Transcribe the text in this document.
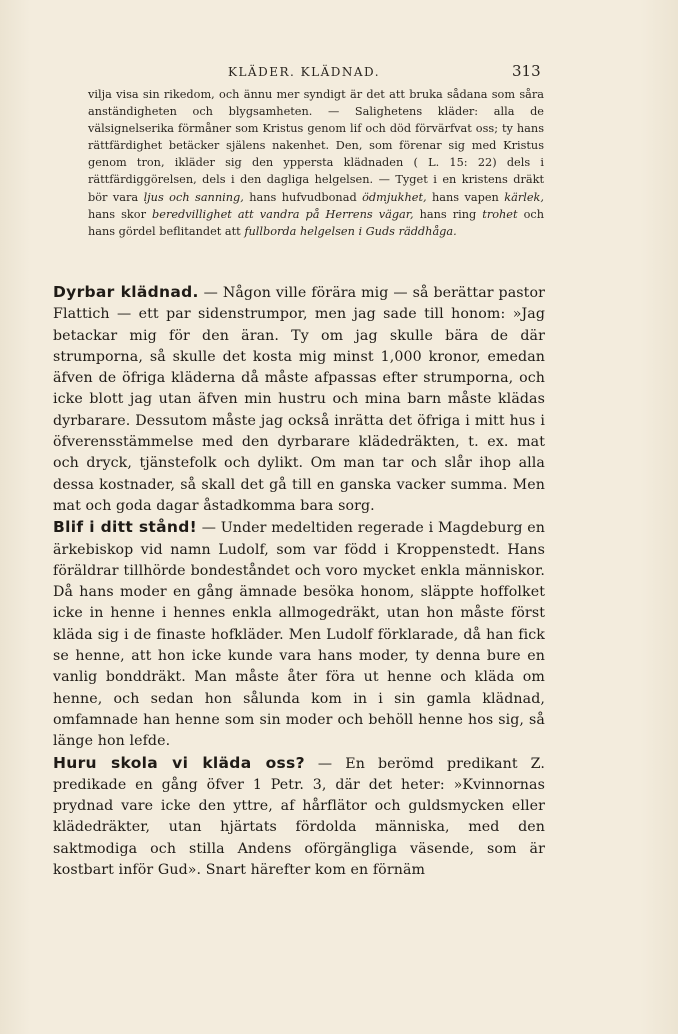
KLÄDER. KLÄDNAD.	313

vilja visa sin rikedom, och ännu mer syndigt är det att bruka sådana som såra anständigheten och blygsamheten. — Salighetens kläder: alla de välsignelserika förmåner som Kristus genom lif och död förvärfvat oss; ty hans rättfärdighet betäcker själens nakenhet. Den, som förenar sig med Kristus genom tron, ikläder sig den yppersta klädnaden ( L. 15: 22) dels i rättfärdiggörelsen, dels i den dagliga helgelsen. — Tyget i en kristens dräkt bör vara ljus och sanning, hans hufvudbonad ödmjukhet, hans vapen kärlek, hans skor beredvillighet att vandra på Herrens vägar, hans ring trohet och hans gördel beflitandet att fullborda helgelsen i Guds räddhåga.

Dyrbar klädnad. — Någon ville förära mig — så berättar pastor Flattich — ett par sidenstrumpor, men jag sade till honom: »Jag betackar mig för den äran. Ty om jag skullе bära de där strumporna, så skulle det kosta mig minst 1,000 kronor, emedan äfven de öfriga kläderna då måste afpassas efter strumporna, och icke blott jag utan äfven min hustru och mina barn måste klädas dyrbarare. Dessutom måste jag också inrätta det öfriga i mitt hus i öfverensstämmelse med den dyrbarare klädedräkten, t. ex. mat och dryck, tjänstefolk och dylikt. Om man tar och slår ihop alla dessa kostnader, så skall det gå till en ganska vacker summa. Men mat och goda dagar åstadkomma bara sorg.

Blif i ditt stånd! — Under medeltiden regerade i Magdeburg en ärkebiskop vid namn Ludolf, som var född i Kroppenstedt. Hans föräldrar tillhörde bondeståndet och voro mycket enkla människor. Då hans moder en gång ämnade besöka honom, släppte hoffolket icke in henne i hennes enkla allmogedräkt, utan hon måste först kläda sig i de finaste hofkläder. Men Ludolf förklarade, då han fick se henne, att hon icke kunde vara hans moder, ty denna bure en vanlig bonddräkt. Man måste åter föra ut henne och kläda om henne, och sedan hon sålunda kom in i sin gamla klädnad, omfamnade han henne som sin moder och behöll henne hos sig, så länge hon lefde.

Huru skola vi kläda oss? — En berömd predikant Z. predikade en gång öfver 1 Petr. 3, där det heter: »Kvinnornas prydnad vare icke den yttre, af hårflätor och guldsmycken eller klädedräkter, utan hjärtats fördolda människa, med den saktmodiga och stilla Andens oförgängliga väsende, som är kostbart inför Gud». Snart härefter kom en förnäm
